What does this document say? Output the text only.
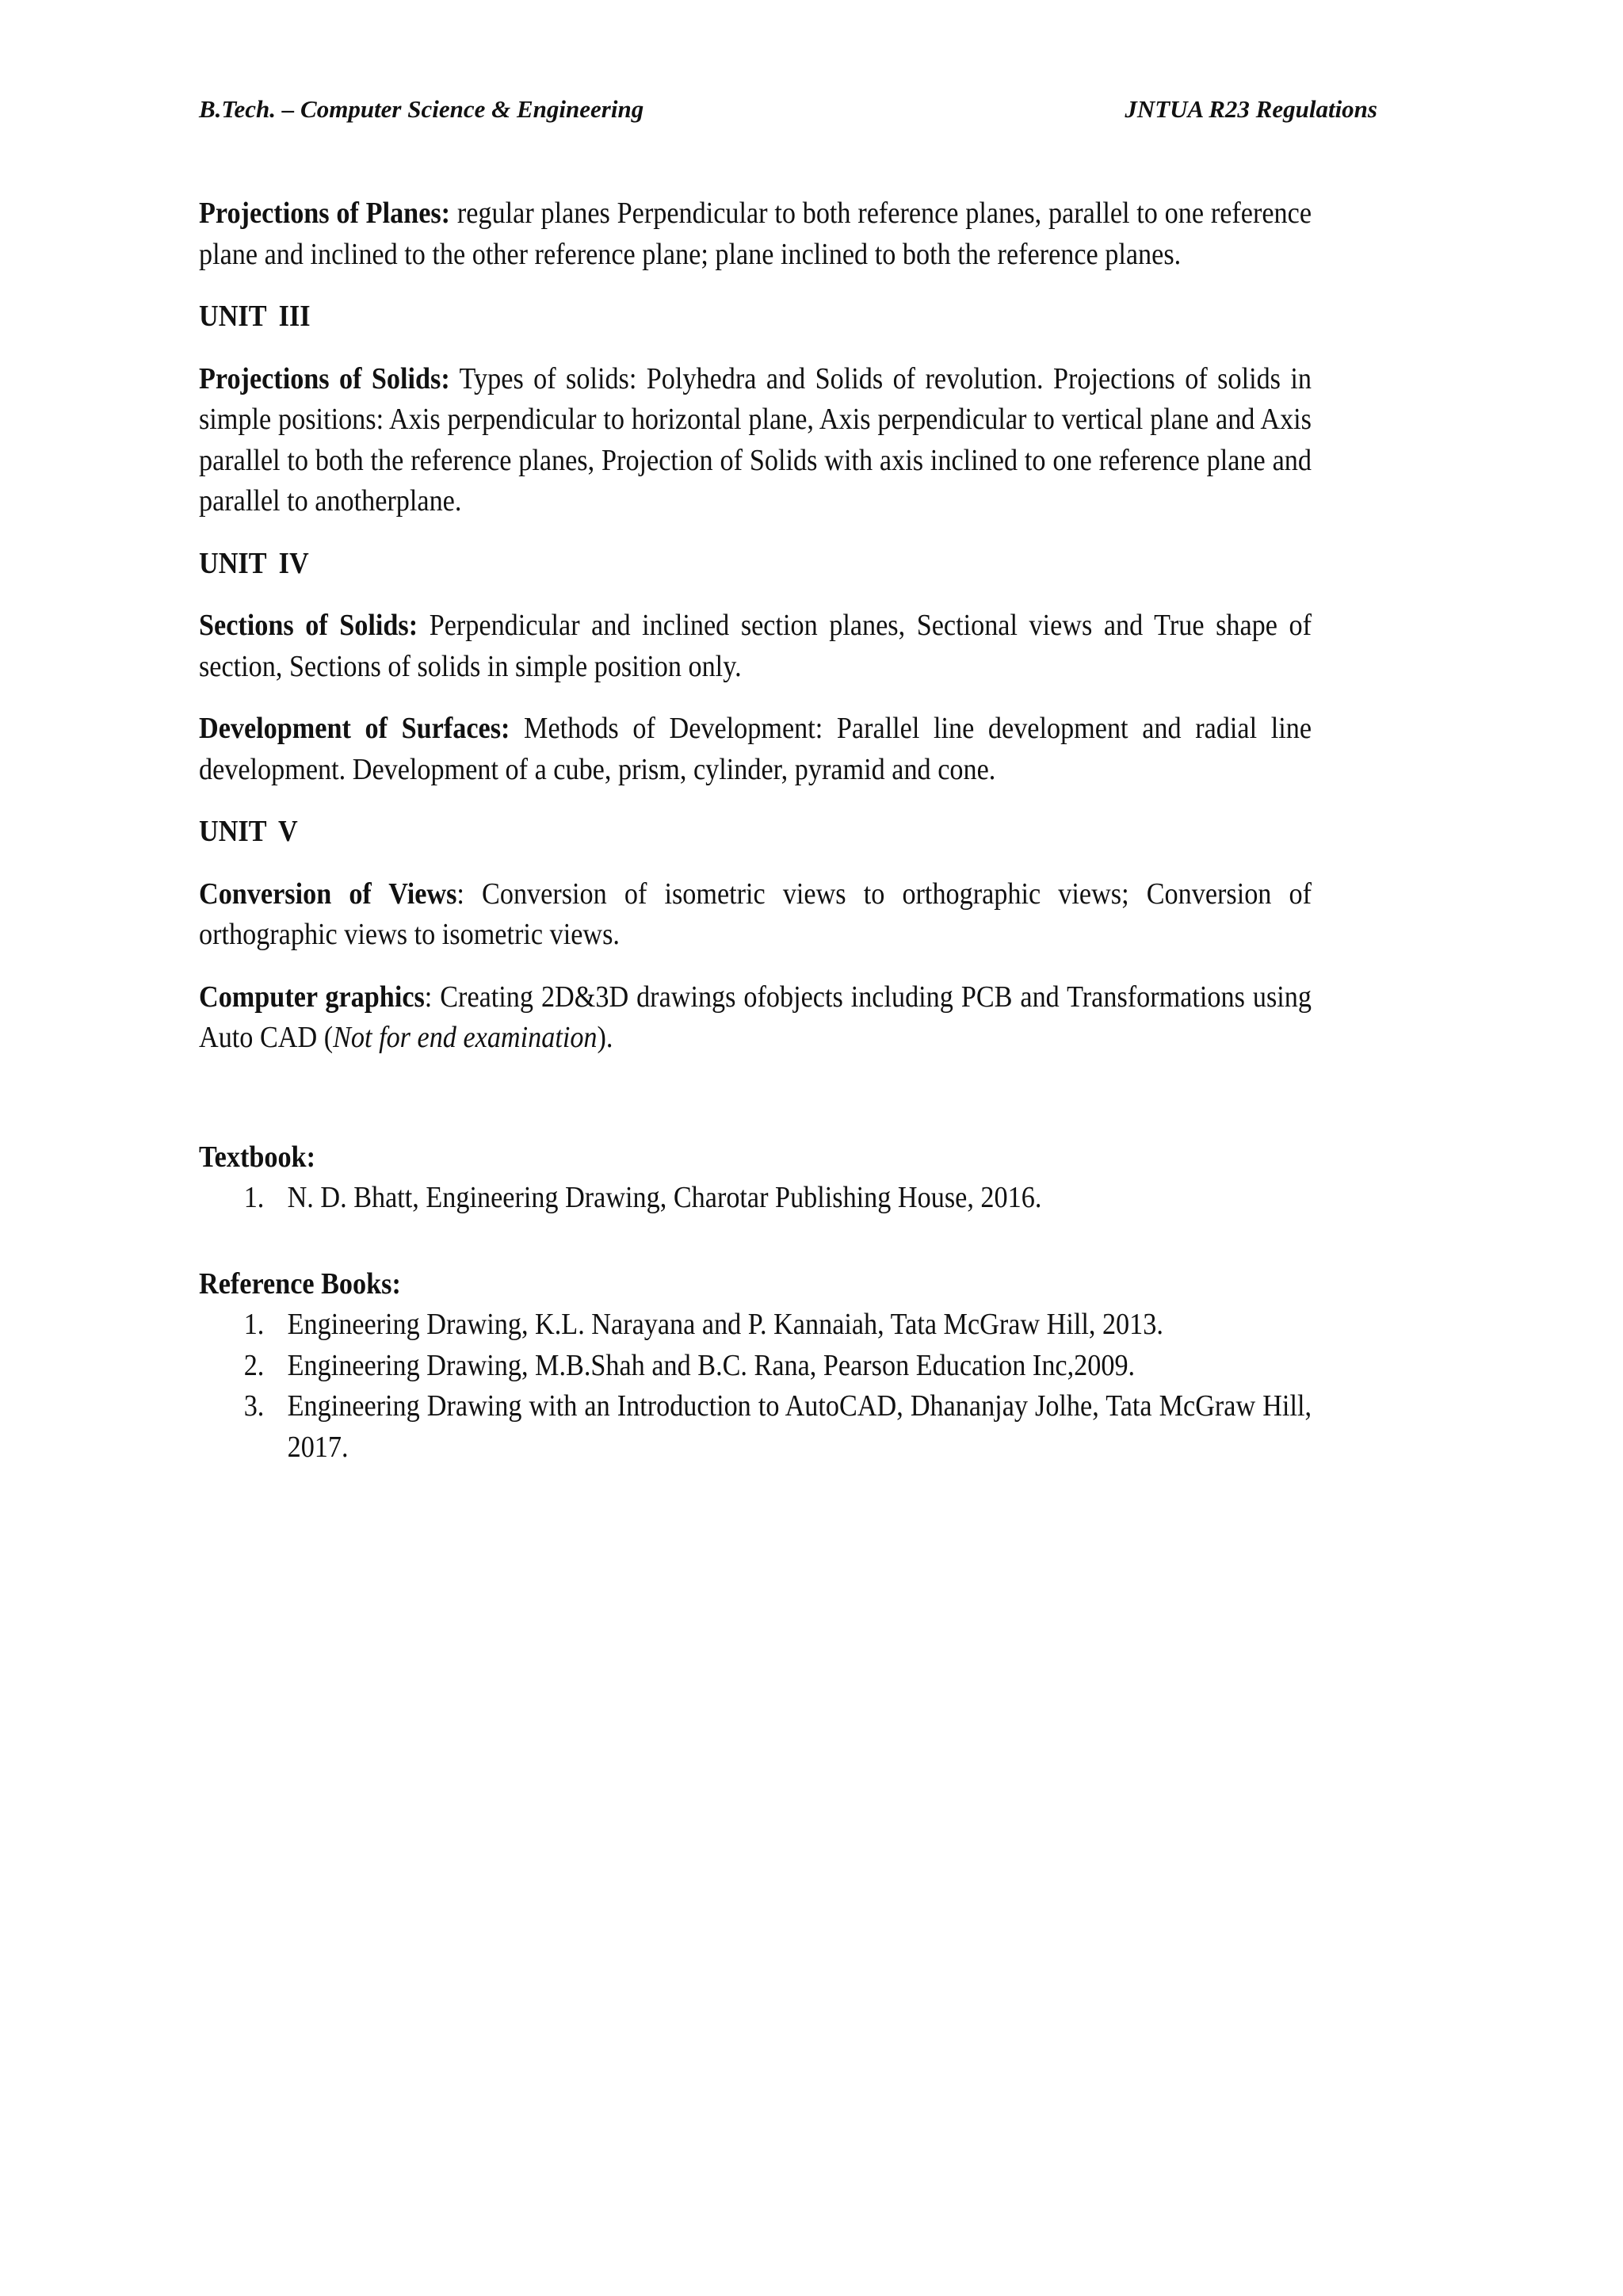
B.Tech. – Computer Science & Engineering	JNTUA R23 Regulations

Projections of Planes: regular planes Perpendicular to both reference planes, parallel to one reference plane and inclined to the other reference plane; plane inclined to both the reference planes.

UNIT III

Projections of Solids: Types of solids: Polyhedra and Solids of revolution. Projections of solids in simple positions: Axis perpendicular to horizontal plane, Axis perpendicular to vertical plane and Axis parallel to both the reference planes, Projection of Solids with axis inclined to one reference plane and parallel to anotherplane.

UNIT IV

Sections of Solids: Perpendicular and inclined section planes, Sectional views and True shape of section, Sections of solids in simple position only.

Development of Surfaces: Methods of Development: Parallel line development and radial line development. Development of a cube, prism, cylinder, pyramid and cone.

UNIT V

Conversion of Views: Conversion of isometric views to orthographic views; Conversion of orthographic views to isometric views.

Computer graphics: Creating 2D&3D drawings ofobjects including PCB and Transformations using Auto CAD (Not for end examination).

Textbook:

1. N. D. Bhatt, Engineering Drawing, Charotar Publishing House, 2016.

Reference Books:

1. Engineering Drawing, K.L. Narayana and P. Kannaiah, Tata McGraw Hill, 2013.
2. Engineering Drawing, M.B.Shah and B.C. Rana, Pearson Education Inc,2009.
3. Engineering Drawing with an Introduction to AutoCAD, Dhananjay Jolhe, Tata McGraw Hill, 2017.
